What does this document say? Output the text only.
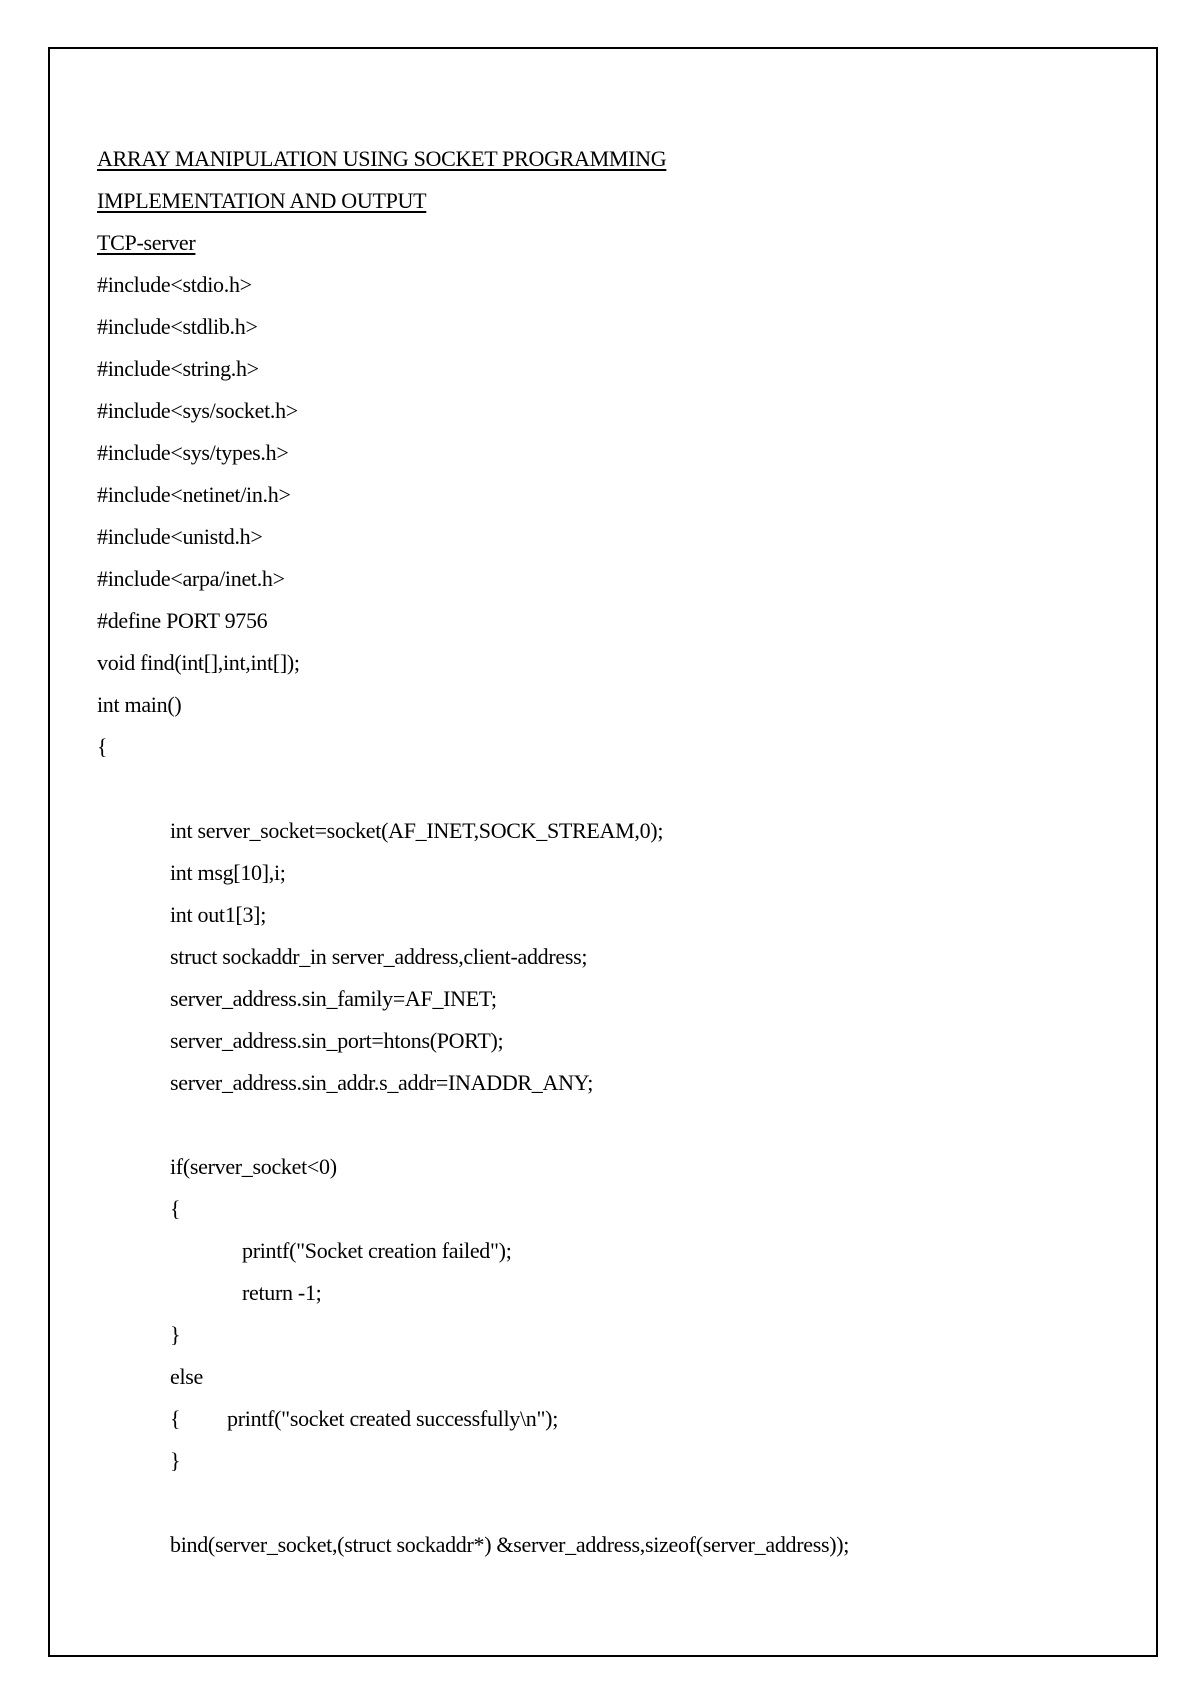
ARRAY MANIPULATION USING SOCKET PROGRAMMING
IMPLEMENTATION AND OUTPUT
TCP-server
#include<stdio.h>
#include<stdlib.h>
#include<string.h>
#include<sys/socket.h>
#include<sys/types.h>
#include<netinet/in.h>
#include<unistd.h>
#include<arpa/inet.h>
#define PORT 9756
void find(int[],int,int[]);
int main()
{
int server_socket=socket(AF_INET,SOCK_STREAM,0);
int msg[10],i;
int out1[3];
struct sockaddr_in server_address,client-address;
server_address.sin_family=AF_INET;
server_address.sin_port=htons(PORT);
server_address.sin_addr.s_addr=INADDR_ANY;
if(server_socket<0)
{
printf("Socket creation failed");
return -1;
}
else
{         printf("socket created successfully\n");
}
bind(server_socket,(struct sockaddr*) &server_address,sizeof(server_address));
